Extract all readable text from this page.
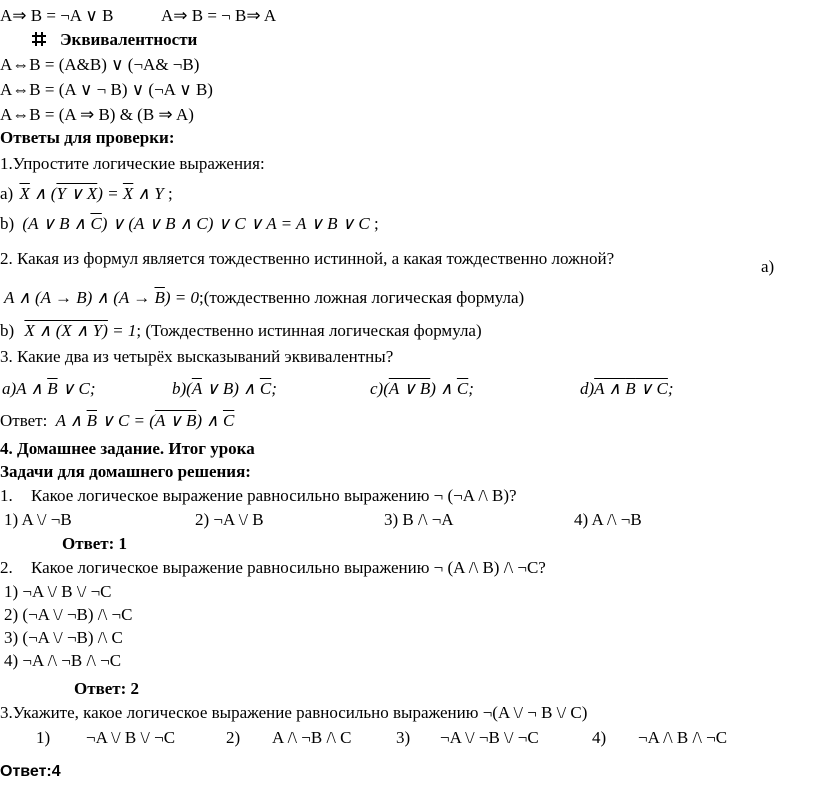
A⇒ B = ¬A ∨ B	A⇒ B = ¬ B⇒ A
Эквивалентности
A⇔B = (A&B) ∨ (¬A& ¬B)
A⇔B = (A ∨ ¬ B) ∨ (¬A ∨ B)
A⇔B = (A ⇒ B) & (B ⇒ A)
Ответы для проверки:
1.Упростите логические выражения:
а) $\overline{X}$ ∧ (Y ∨ $X) = \overline{X}$ ∧ Y ;
b) (A ∨ B ∧ $\overline{C}$) ∨ (A ∨ B ∧ C) ∨ C ∨ A = A ∨ B ∨ C ;
2. Какая из формул является тождественно истинной, а какая тождественно ложной?	а)
A ∧ (A → B) ∧ $(A \to \overline{B})$ = 0;(тождественно ложная логическая формула)
b) X ∧ (X ∧ Y) = 1; (Тождественно истинная логическая формула)
3. Какие два из четырёх высказываний эквивалентны?
a)A ∧ $\overline{B}$ ∨ C;	$b)(\overline{A}$ ∨ B) ∧ $\overline{C}$;	c)(A ∨ B) ∧ $\overline{C}$;	d)A ∧ B ∨ C;
Ответ: A ∧ $\overline{B}$ ∨ C = (A ∨ B) ∧ $\overline{C}$
4. Домашнее задание. Итог урока
Задачи для домашнего решения:
1. Какое логическое выражение равносильно выражению ¬ (¬A /\ B)?
1) A \/ ¬B	2) ¬A \/ B	3) B /\ ¬A	4) A /\ ¬B
Ответ: 1
2. Какое логическое выражение равносильно выражению ¬ (A /\ B) /\ ¬C?
1) ¬A \/ B \/ ¬C
2) (¬A \/ ¬B) /\ ¬C
3) (¬A \/ ¬B) /\ C
4) ¬A /\ ¬B /\ ¬C
Ответ: 2
3.Укажите, какое логическое выражение равносильно выражению ¬(A \/ ¬ B \/ C)
1) ¬A \/ B \/ ¬C	2) A /\ ¬B /\ C	3) ¬A \/ ¬B \/ ¬C	4) ¬A /\ B /\ ¬C
Ответ:4
